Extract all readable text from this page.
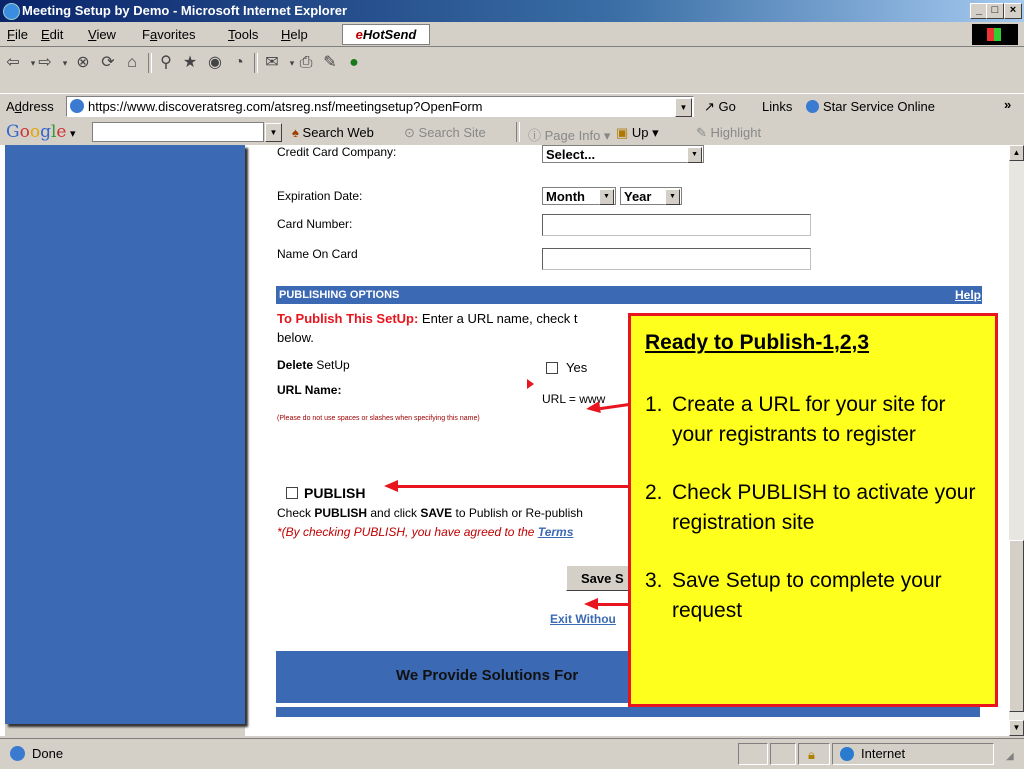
Meeting Setup by Demo - Microsoft Internet Explorer	_ □	×
File Edit View Favorites	Tools Help	eHotSend
⇦	▾ ⇨	▾ ⊗ ⟳ ⌂ ⚲ ★ ◉ ◔ ✉	▾ ⎙ ✎ ●
Address	https://www.discoveratsreg.com/atsreg.nsf/meetingsetup?OpenForm	▼	↗ Go Links	Star Service Online	»
Google ▾	▼	♠ Search Web ⊙ Search Site	ⓘ Page Info ▾ ▣ Up ▾	✎ Highlight
Credit Card Company:	Select...	▼
Expiration Date:	Month	▼	Year	▼
Card Number:
Name On Card
PUBLISHING OPTIONS	Help
To Publish This SetUp: Enter a URL name, check t
below.
Delete SetUp	Yes
URL Name:
URL = www
(Please do not use spaces or slashes when specifying this name)
PUBLISH
Check PUBLISH and click SAVE to Publish or Re-publish
*(By checking PUBLISH, you have agreed to the Terms
Save S
Exit Withou
We Provide Solutions For
Ready to Publish-1,2,3
1. Create a URL for your site for your registrants to register
2. Check PUBLISH to activate your registration site
3. Save Setup to complete your request
▲
▼
Done	🔒︎	Internet	◢
